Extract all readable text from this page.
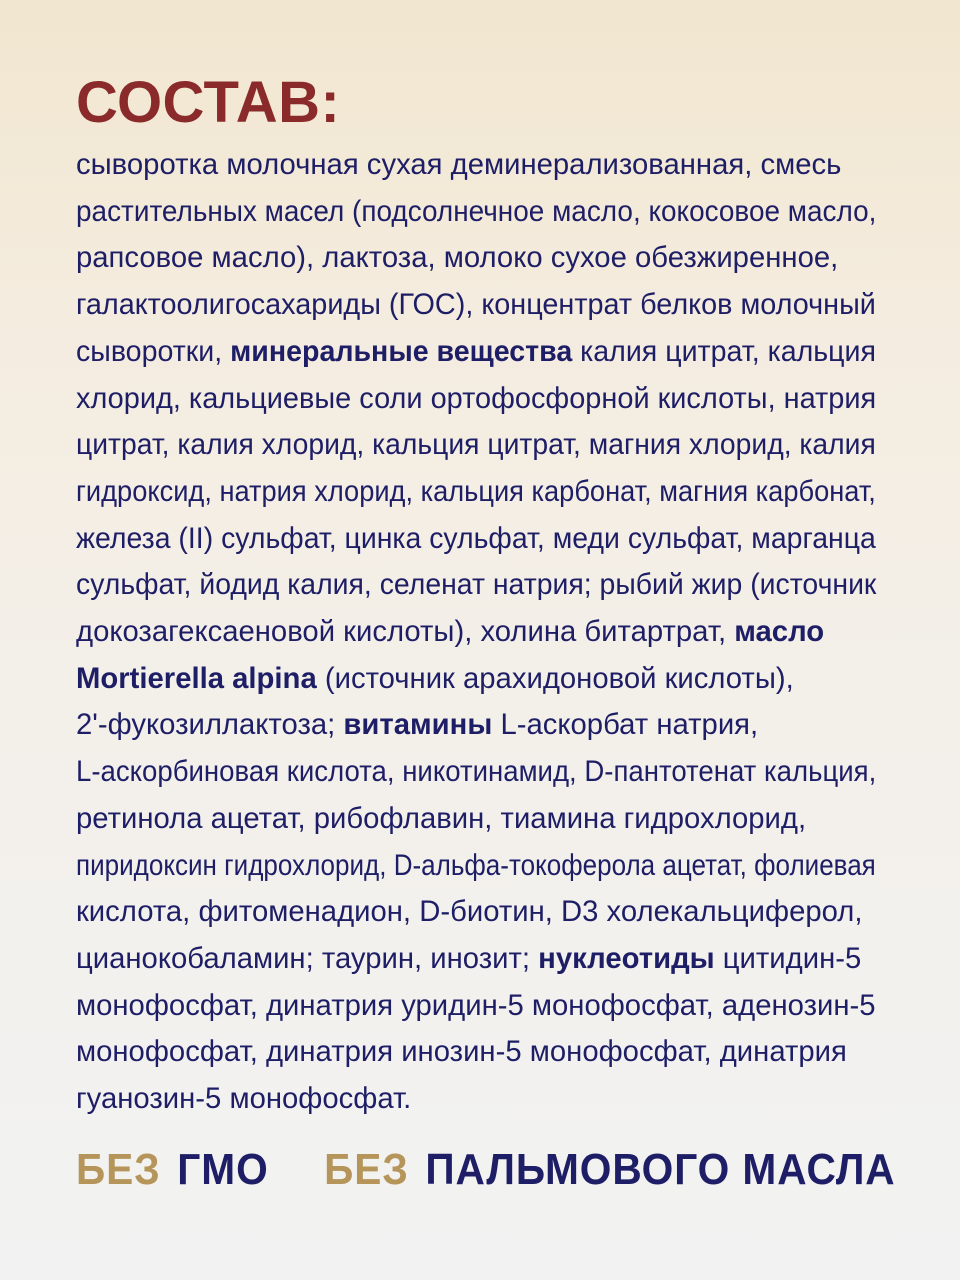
СОСТАВ:
сыворотка молочная сухая деминерализованная, смесь
растительных масел (подсолнечное масло, кокосовое масло,
рапсовое масло), лактоза, молоко сухое обезжиренное,
галактоолигосахариды (ГОС), концентрат белков молочный
сыворотки, минеральные вещества калия цитрат, кальция
хлорид, кальциевые соли ортофосфорной кислоты, натрия
цитрат, калия хлорид, кальция цитрат, магния хлорид, калия
гидроксид, натрия хлорид, кальция карбонат, магния карбонат,
железа (II) сульфат, цинка сульфат, меди сульфат, марганца
сульфат, йодид калия, селенат натрия; рыбий жир (источник
докозагексаеновой кислоты), холина битартрат, масло
Mortierella alpina (источник арахидоновой кислоты),
2'-фукозиллактоза; витамины L-аскорбат натрия,
L-аскорбиновая кислота, никотинамид, D-пантотенат кальция,
ретинола ацетат, рибофлавин, тиамина гидрохлорид,
пиридоксин гидрохлорид, D-альфа-токоферола ацетат, фолиевая
кислота, фитоменадион, D-биотин, D3 холекальциферол,
цианокобаламин; таурин, инозит; нуклеотиды цитидин-5
монофосфат, динатрия уридин-5 монофосфат, аденозин-5
монофосфат, динатрия инозин-5 монофосфат, динатрия
гуанозин-5 монофосфат.
БЕЗ ГМО БЕЗ ПАЛЬМОВОГО МАСЛА
